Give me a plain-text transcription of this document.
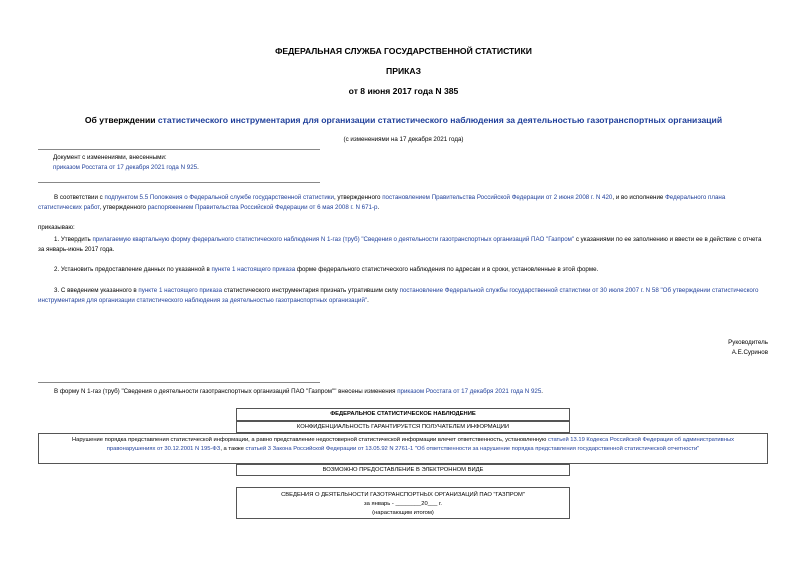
ФЕДЕРАЛЬНАЯ СЛУЖБА ГОСУДАРСТВЕННОЙ СТАТИСТИКИ
ПРИКАЗ
от 8 июня 2017 года N 385
Об утверждении статистического инструментария для организации статистического наблюдения за деятельностью газотранспортных организаций
(с изменениями на 17 декабря 2021 года)
Документ с изменениями, внесенными:
приказом Росстата от 17 декабря 2021 года N 925.
В соответствии с подпунктом 5.5 Положения о Федеральной службе государственной статистики, утвержденного постановлением Правительства Российской Федерации от 2 июня 2008 г. N 420, и во исполнение Федерального плана статистических работ, утвержденного распоряжением Правительства Российской Федерации от 6 мая 2008 г. N 671-р.
приказываю:
1. Утвердить прилагаемую квартальную форму федерального статистического наблюдения N 1-газ (труб) "Сведения о деятельности газотранспортных организаций ПАО "Газпром" с указаниями по ее заполнению и ввести ее в действие с отчета за январь-июнь 2017 года.
2. Установить предоставление данных по указанной в пункте 1 настоящего приказа форме федерального статистического наблюдения по адресам и в сроки, установленные в этой форме.
3. С введением указанного в пункте 1 настоящего приказа статистического инструментария признать утратившим силу постановление Федеральной службы государственной статистики от 30 июля 2007 г. N 58 "Об утверждении статистического инструментария для организации статистического наблюдения за деятельностью газотранспортных организаций".
Руководитель
А.Е.Суринов
В форму N 1-газ (труб) "Сведения о деятельности газотранспортных организаций ПАО "Газпром"" внесены изменения приказом Росстата от 17 декабря 2021 года N 925.
ФЕДЕРАЛЬНОЕ СТАТИСТИЧЕСКОЕ НАБЛЮДЕНИЕ
КОНФИДЕНЦИАЛЬНОСТЬ ГАРАНТИРУЕТСЯ ПОЛУЧАТЕЛЕМ ИНФОРМАЦИИ
Нарушение порядка представления статистической информации, а равно представление недостоверной статистической информации влечет ответственность, установленную статьей 13.19 Кодекса Российской Федерации об административных правонарушениях от 30.12.2001 N 195-ФЗ, а также статьей 3 Закона Российской Федерации от 13.05.92 N 2761-1 "Об ответственности за нарушение порядка представления государственной статистической отчетности"
ВОЗМОЖНО ПРЕДОСТАВЛЕНИЕ В ЭЛЕКТРОННОМ ВИДЕ
СВЕДЕНИЯ О ДЕЯТЕЛЬНОСТИ ГАЗОТРАНСПОРТНЫХ ОРГАНИЗАЦИЙ ПАО "ГАЗПРОМ"
за январь - ________20___ г.
(нарастающим итогом)
